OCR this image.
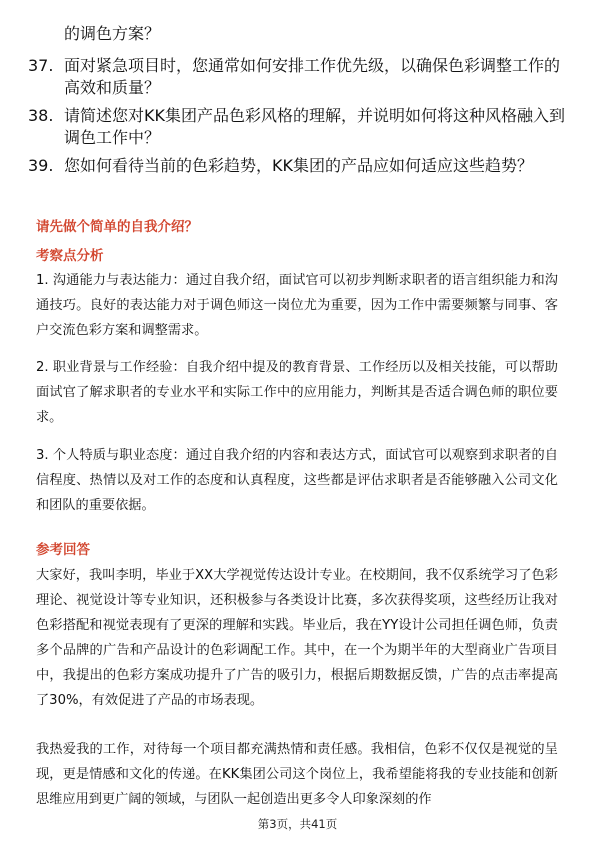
的调色方案？

37. 面对紧急项目时，您通常如何安排工作优先级，以确保色彩调整工作的高效和质量？
38. 请简述您对KK集团产品色彩风格的理解，并说明如何将这种风格融入到调色工作中？
39. 您如何看待当前的色彩趋势，KK集团的产品应如何适应这些趋势？
请先做个简单的自我介绍？
考察点分析

1. 沟通能力与表达能力：通过自我介绍，面试官可以初步判断求职者的语言组织能力和沟通技巧。良好的表达能力对于调色师这一岗位尤为重要，因为工作中需要频繁与同事、客户交流色彩方案和调整需求。

2. 职业背景与工作经验：自我介绍中提及的教育背景、工作经历以及相关技能，可以帮助面试官了解求职者的专业水平和实际工作中的应用能力，判断其是否适合调色师的职位要求。

3. 个人特质与职业态度：通过自我介绍的内容和表达方式，面试官可以观察到求职者的自信程度、热情以及对工作的态度和认真程度，这些都是评估求职者是否能够融入公司文化和团队的重要依据。

参考回答

大家好，我叫李明，毕业于XX大学视觉传达设计专业。在校期间，我不仅系统学习了色彩理论、视觉设计等专业知识，还积极参与各类设计比赛，多次获得奖项，这些经历让我对色彩搭配和视觉表现有了更深的理解和实践。毕业后，我在YY设计公司担任调色师，负责多个品牌的广告和产品设计的色彩调配工作。其中，在一个为期半年的大型商业广告项目中，我提出的色彩方案成功提升了广告的吸引力，根据后期数据反馈，广告的点击率提高了30%，有效促进了产品的市场表现。

我热爱我的工作，对待每一个项目都充满热情和责任感。我相信，色彩不仅仅是视觉的呈现，更是情感和文化的传递。在KK集团公司这个岗位上，我希望能将我的专业技能和创新思维应用到更广阔的领域，与团队一起创造出更多令人印象深刻的作

第3页，共41页
